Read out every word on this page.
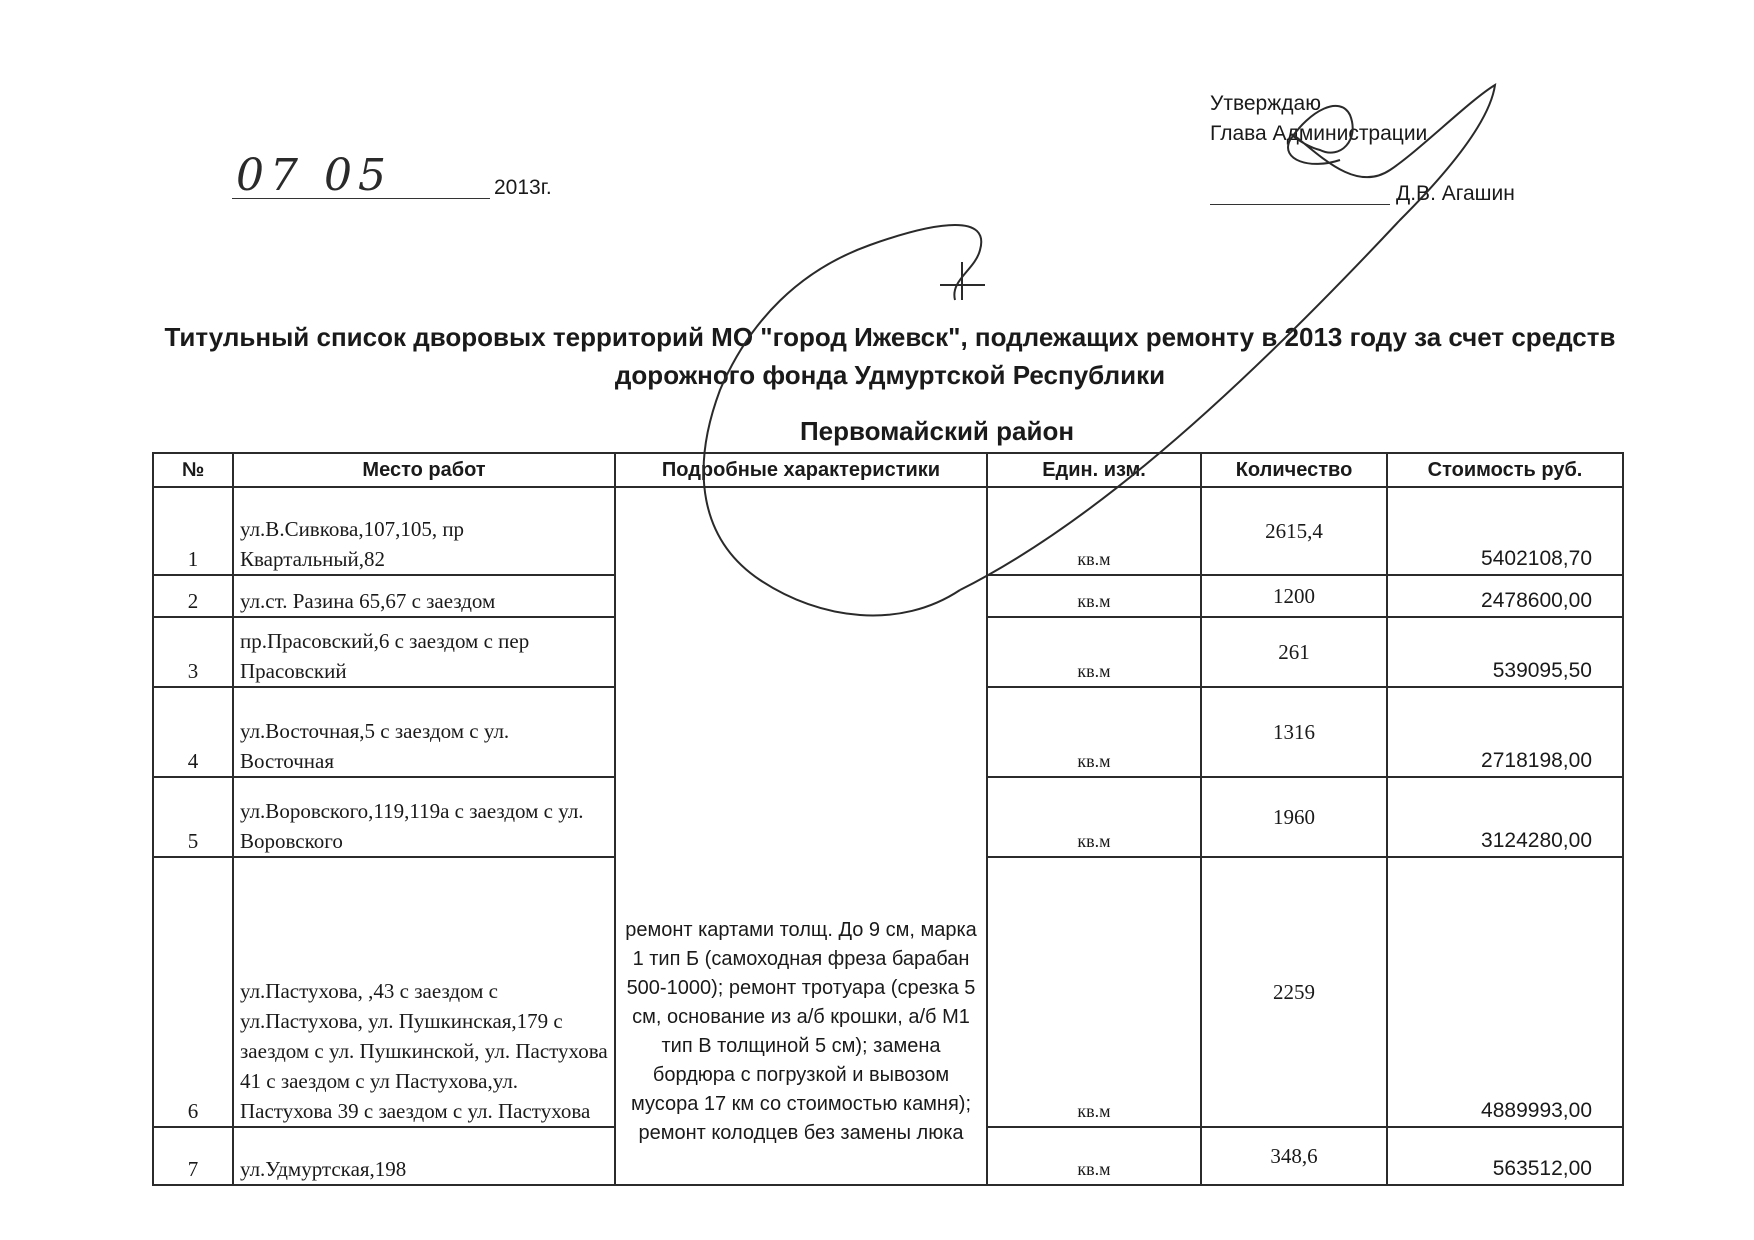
07 05	2013г.
Утверждаю
Глава Администрации
Д.В. Агашин
Титульный список дворовых территорий МО "город Ижевск", подлежащих ремонту в 2013 году за счет средств дорожного фонда Удмуртской Республики
Первомайский район
№	Место работ	Подробные характеристики	Един. изм.	Количество	Стоимость руб.
1	ул.В.Сивкова,107,105, пр Квартальный,82	ремонт картами толщ. До 9 см, марка 1 тип Б (самоходная фреза барабан 500-1000); ремонт тротуара (срезка 5 см, основание из а/б крошки, а/б М1 тип В толщиной 5 см); замена бордюра с погрузкой и вывозом мусора 17 км со стоимостью камня); ремонт колодцев без замены люка	кв.м	2615,4	5402108,70
2	ул.ст. Разина 65,67 с заездом		кв.м	1200	2478600,00
3	пр.Прасовский,6 с заездом с пер Прасовский		кв.м	261	539095,50
4	ул.Восточная,5 с заездом с ул. Восточная		кв.м	1316	2718198,00
5	ул.Воровского,119,119а с заездом с ул. Воровского		кв.м	1960	3124280,00
6	ул.Пастухова, ,43 с заездом с ул.Пастухова, ул. Пушкинская,179 с заездом с ул. Пушкинской, ул. Пастухова 41 с заездом с ул Пастухова,ул. Пастухова 39 с заездом с ул. Пастухова		кв.м	2259	4889993,00
7	ул.Удмуртская,198		кв.м	348,6	563512,00
